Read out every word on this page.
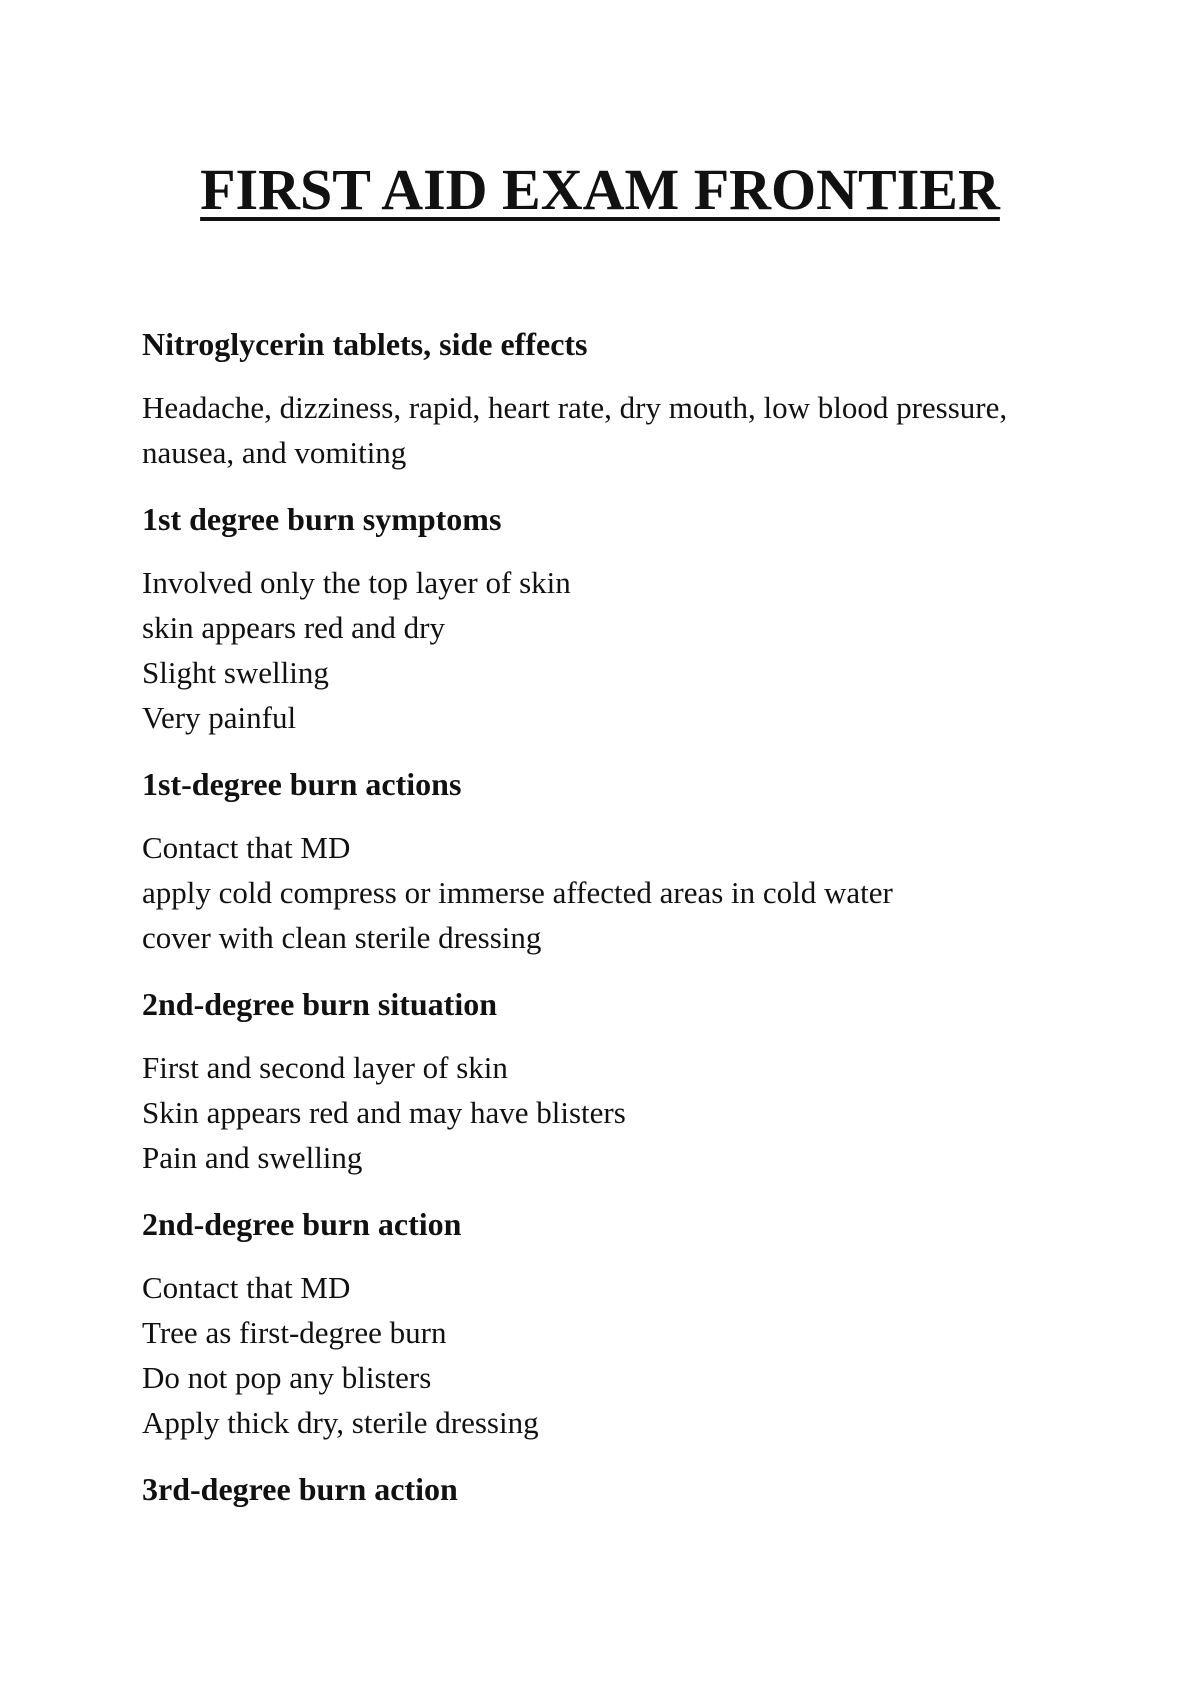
FIRST AID EXAM FRONTIER

Nitroglycerin tablets, side effects

Headache, dizziness, rapid, heart rate, dry mouth, low blood pressure, nausea, and vomiting

1st degree burn symptoms

Involved only the top layer of skin
skin appears red and dry
Slight swelling
Very painful

1st-degree burn actions

Contact that MD
apply cold compress or immerse affected areas in cold water
cover with clean sterile dressing

2nd-degree burn situation

First and second layer of skin
Skin appears red and may have blisters
Pain and swelling

2nd-degree burn action

Contact that MD
Tree as first-degree burn
Do not pop any blisters
Apply thick dry, sterile dressing

3rd-degree burn action
